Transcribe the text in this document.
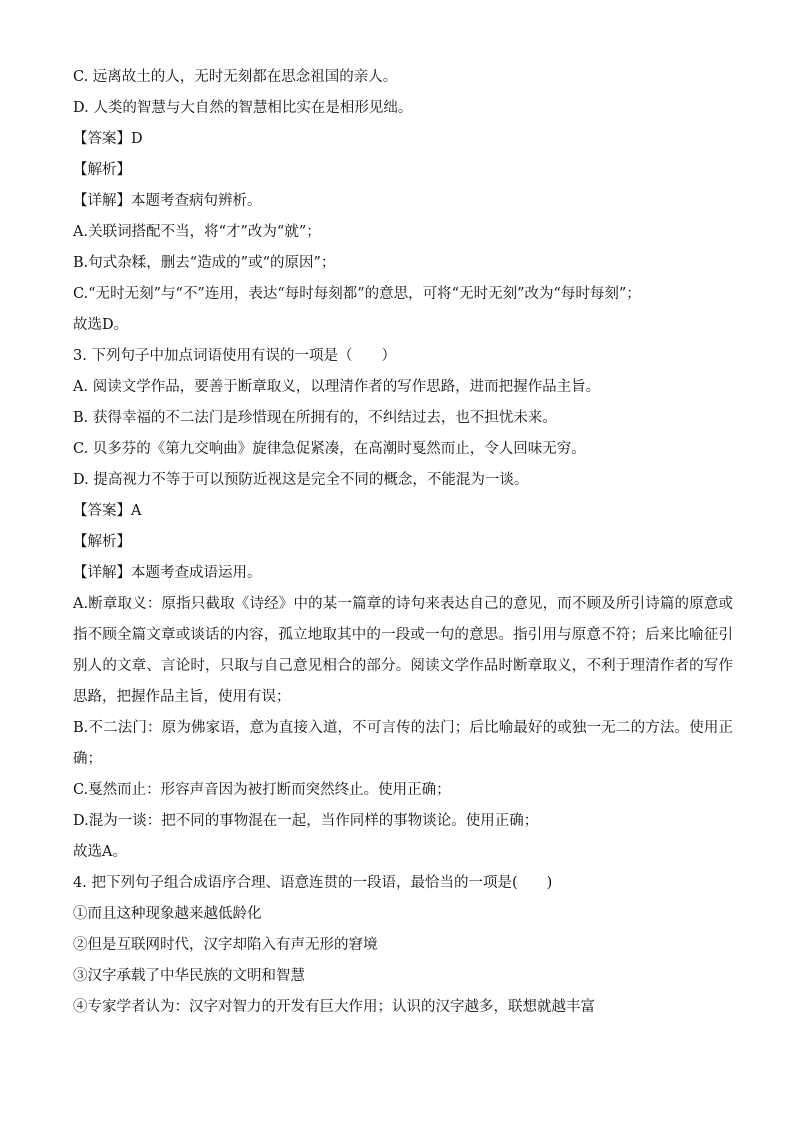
C. 远离故土的人，无时无刻都在思念祖国的亲人。

D. 人类的智慧与大自然的智慧相比实在是相形见绌。

【答案】D

【解析】

【详解】本题考查病句辨析。

A.关联词搭配不当，将“才”改为“就”；

B.句式杂糅，删去“造成的”或“的原因”；

C.“无时无刻”与“不”连用，表达“每时每刻都”的意思，可将“无时无刻”改为“每时每刻”；

故选D。

3. 下列句子中加点词语使用有误的一项是（　　）

A. 阅读文学作品，要善于断章取义，以理清作者的写作思路，进而把握作品主旨。

B. 获得幸福的不二法门是珍惜现在所拥有的，不纠结过去，也不担忧未来。

C. 贝多芬的《第九交响曲》旋律急促紧凑，在高潮时戛然而止，令人回味无穷。

D. 提高视力不等于可以预防近视这是完全不同的概念，不能混为一谈。

【答案】A

【解析】

【详解】本题考查成语运用。

A.断章取义：原指只截取《诗经》中的某一篇章的诗句来表达自己的意见，而不顾及所引诗篇的原意或指不顾全篇文章或谈话的内容，孤立地取其中的一段或一句的意思。指引用与原意不符；后来比喻征引别人的文章、言论时，只取与自己意见相合的部分。阅读文学作品时断章取义，不利于理清作者的写作思路，把握作品主旨，使用有误；

B.不二法门：原为佛家语，意为直接入道，不可言传的法门；后比喻最好的或独一无二的方法。使用正确；

C.戛然而止：形容声音因为被打断而突然终止。使用正确；

D.混为一谈：把不同的事物混在一起，当作同样的事物谈论。使用正确；

故选A。

4. 把下列句子组合成语序合理、语意连贯的一段语，最恰当的一项是(　　)

①而且这种现象越来越低龄化

②但是互联网时代，汉字却陷入有声无形的窘境

③汉字承载了中华民族的文明和智慧

④专家学者认为：汉字对智力的开发有巨大作用；认识的汉字越多，联想就越丰富
